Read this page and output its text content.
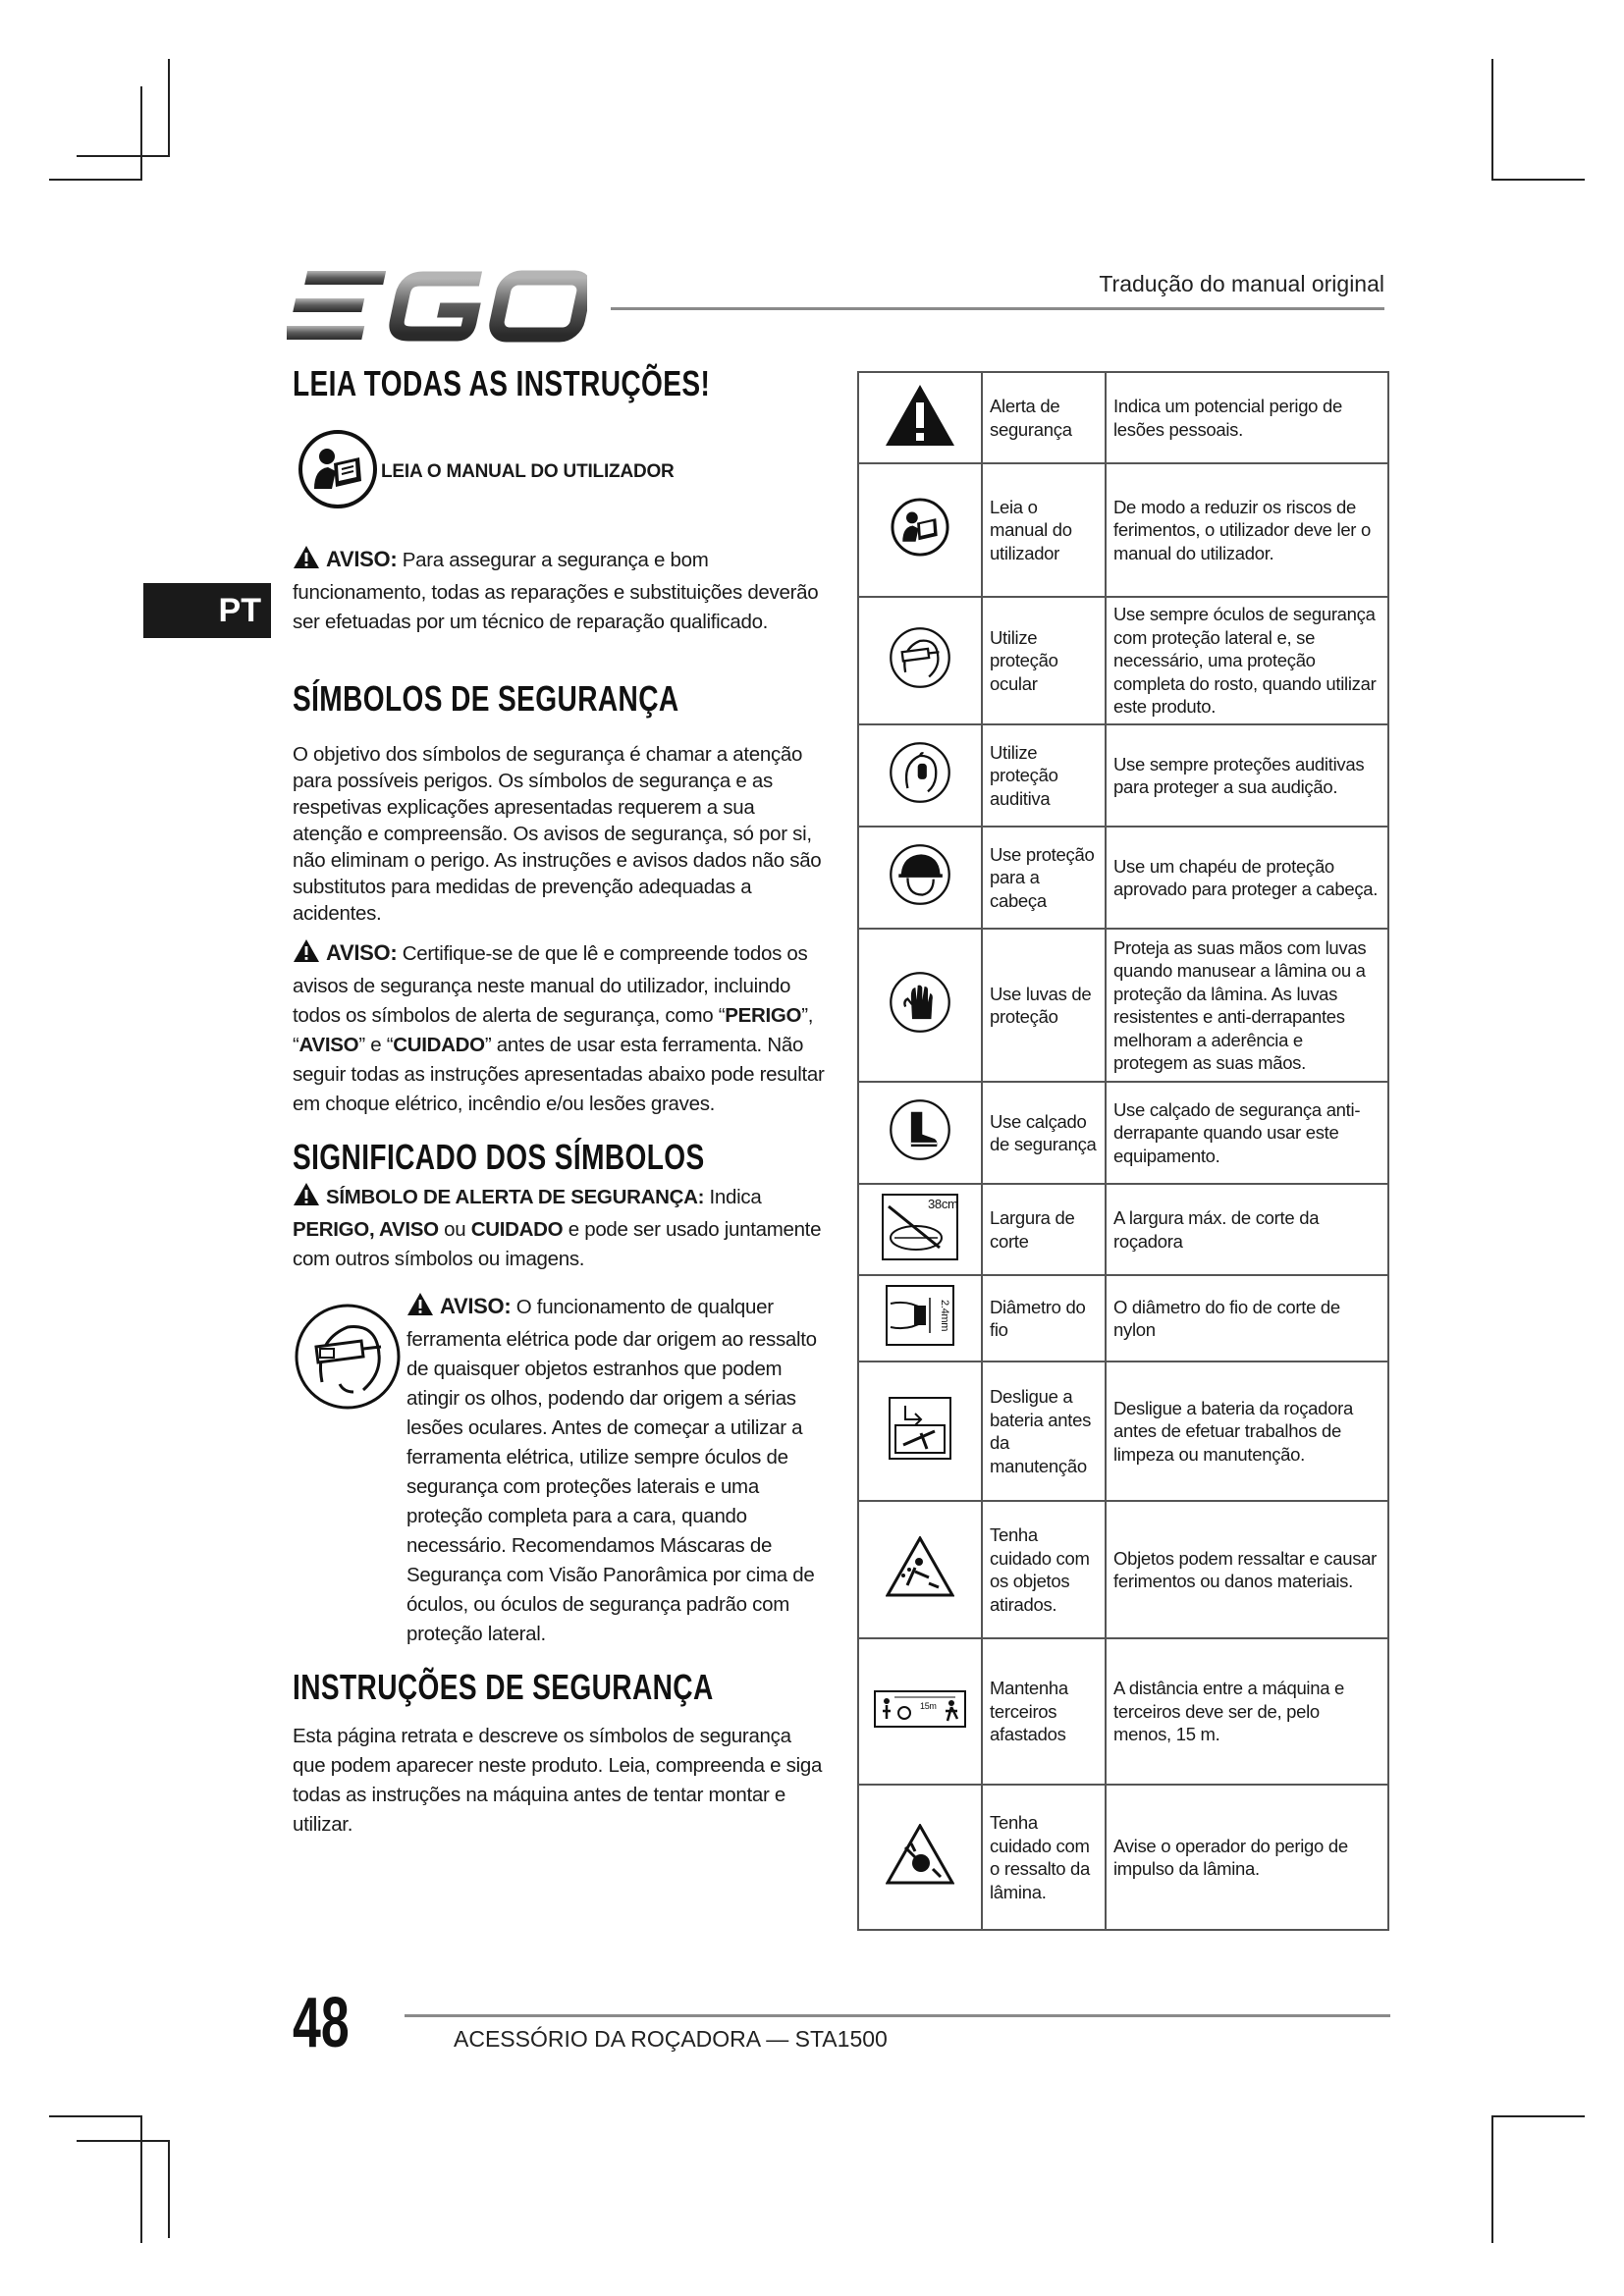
Tradução do manual original
PT
LEIA TODAS AS INSTRUÇÕES!
LEIA O MANUAL DO UTILIZADOR

AVISO: Para assegurar a segurança e bom funcionamento, todas as reparações e substituições deverão ser efetuadas por um técnico de reparação qualificado.

SÍMBOLOS DE SEGURANÇA

O objetivo dos símbolos de segurança é chamar a atenção para possíveis perigos. Os símbolos de segurança e as respetivas explicações apresentadas requerem a sua atenção e compreensão. Os avisos de segurança, só por si, não eliminam o perigo. As instruções e avisos dados não são substitutos para medidas de prevenção adequadas a acidentes.

AVISO: Certifique-se de que lê e compreende todos os avisos de segurança neste manual do utilizador, incluindo todos os símbolos de alerta de segurança, como “PERIGO”, “AVISO” e “CUIDADO” antes de usar esta ferramenta. Não seguir todas as instruções apresentadas abaixo pode resultar em choque elétrico, incêndio e/ou lesões graves.

SIGNIFICADO DOS SÍMBOLOS

SÍMBOLO DE ALERTA DE SEGURANÇA: Indica PERIGO, AVISO ou CUIDADO e pode ser usado juntamente com outros símbolos ou imagens.

AVISO: O funcionamento de qualquer ferramenta elétrica pode dar origem ao ressalto de quaisquer objetos estranhos que podem atingir os olhos, podendo dar origem a sérias lesões oculares. Antes de começar a utilizar a ferramenta elétrica, utilize sempre óculos de segurança com proteções laterais e uma proteção completa para a cara, quando necessário. Recomendamos Máscaras de Segurança com Visão Panorâmica por cima de óculos, ou óculos de segurança padrão com proteção lateral.

INSTRUÇÕES DE SEGURANÇA

Esta página retrata e descreve os símbolos de segurança que podem aparecer neste produto. Leia, compreenda e siga todas as instruções na máquina antes de tentar montar e utilizar.

	Alerta de segurança	Indica um potencial perigo de lesões pessoais.
	Leia o manual do utilizador	De modo a reduzir os riscos de ferimentos, o utilizador deve ler o manual do utilizador.
	Utilize proteção ocular	Use sempre óculos de segurança com proteção lateral e, se necessário, uma proteção completa do rosto, quando utilizar este produto.
	Utilize proteção auditiva	Use sempre proteções auditivas para proteger a sua audição.
	Use proteção para a cabeça	Use um chapéu de proteção aprovado para proteger a cabeça.
	Use luvas de proteção	Proteja as suas mãos com luvas quando manusear a lâmina ou a proteção da lâmina. As luvas resistentes e anti-derrapantes melhoram a aderência e protegem as suas mãos.
	Use calçado de segurança	Use calçado de segurança anti-derrapante quando usar este equipamento.

38cm	Largura de corte	A largura máx. de corte da roçadora

2.4mm	Diâmetro do fio	O diâmetro do fio de corte de nylon
	Desligue a bateria antes da manutenção	Desligue a bateria da roçadora antes de efetuar trabalhos de limpeza ou manutenção.
	Tenha cuidado com os objetos atirados.	Objetos podem ressaltar e causar ferimentos ou danos materiais.

15m	Mantenha terceiros afastados	A distância entre a máquina e terceiros deve ser de, pelo menos, 15 m.
	Tenha cuidado com o ressalto da lâmina.	Avise o operador do perigo de impulso da lâmina.
48	ACESSÓRIO DA ROÇADORA — STA1500
